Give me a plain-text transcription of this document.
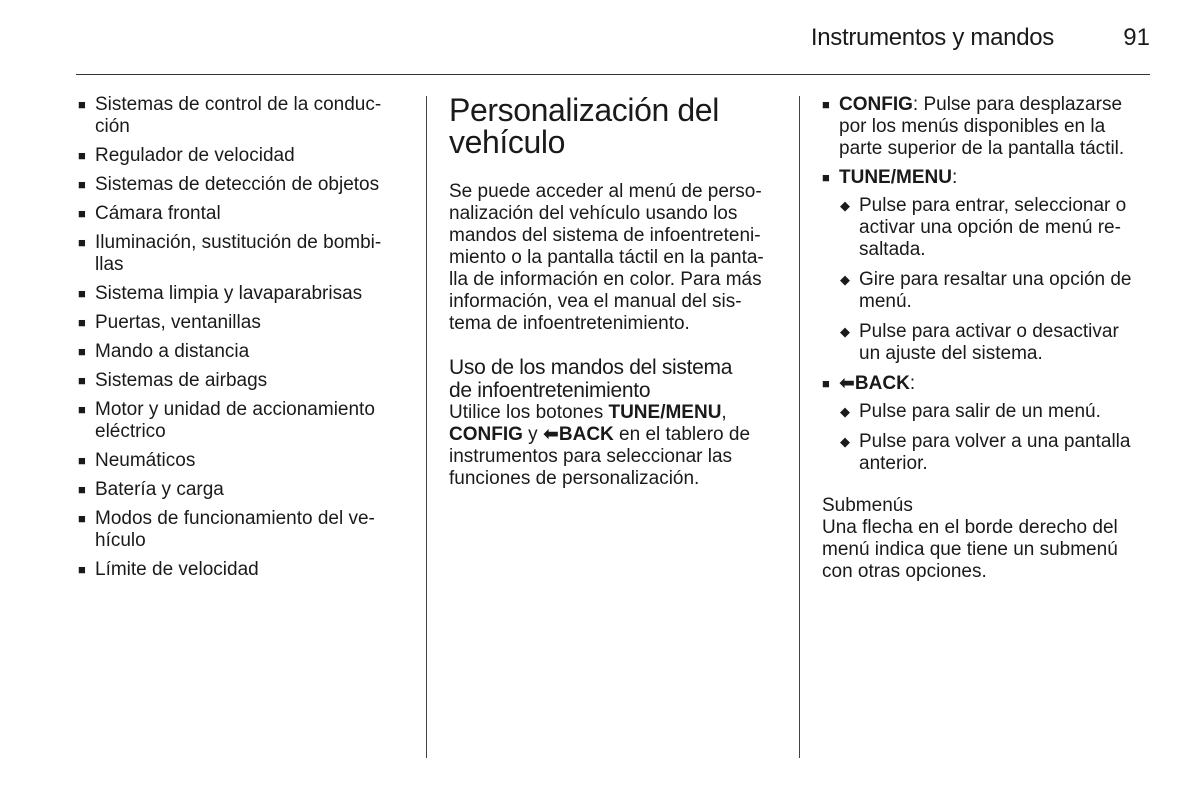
Instrumentos y mandos	91
■ Sistemas de control de la conduc-
ción
■ Regulador de velocidad
■ Sistemas de detección de objetos
■ Cámara frontal
■ Iluminación, sustitución de bombi-
llas
■ Sistema limpia y lavaparabrisas
■ Puertas, ventanillas
■ Mando a distancia
■ Sistemas de airbags
■ Motor y unidad de accionamiento
eléctrico
■ Neumáticos
■ Batería y carga
■ Modos de funcionamiento del ve-
hículo
■ Límite de velocidad
Personalización del
vehículo

Se puede acceder al menú de perso-
nalización del vehículo usando los
mandos del sistema de infoentreteni-
miento o la pantalla táctil en la panta-
lla de información en color. Para más
información, vea el manual del sis-
tema de infoentretenimiento.

Uso de los mandos del sistema
de infoentretenimiento

Utilice los botones TUNE/MENU,
CONFIG y ⬅BACK en el tablero de
instrumentos para seleccionar las
funciones de personalización.

■ CONFIG: Pulse para desplazarse
por los menús disponibles en la
parte superior de la pantalla táctil.
■ TUNE/MENU:
◆ Pulse para entrar, seleccionar o
activar una opción de menú re-
saltada.
◆ Gire para resaltar una opción de
menú.
◆ Pulse para activar o desactivar
un ajuste del sistema.
■ ⬅BACK:
◆ Pulse para salir de un menú.
◆ Pulse para volver a una pantalla
anterior.
Submenús

Una flecha en el borde derecho del
menú indica que tiene un submenú
con otras opciones.
